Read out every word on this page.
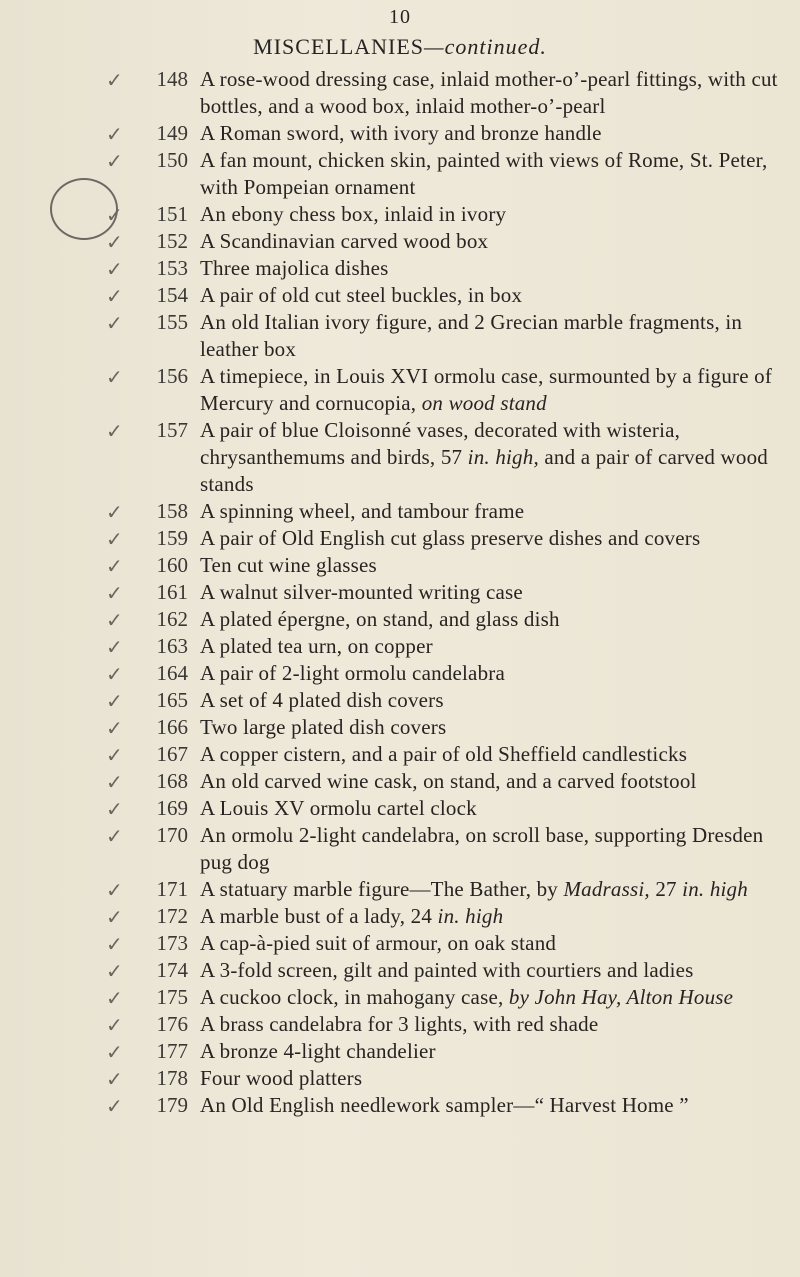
10
MISCELLANIES—continued.
✓	148 A rose-wood dressing case, inlaid mother-o’-pearl fittings, with cut bottles, and a wood box, inlaid mother-o’-pearl
✓	149 A Roman sword, with ivory and bronze handle
✓	150 A fan mount, chicken skin, painted with views of Rome, St. Peter, with Pompeian ornament
✓	151 An ebony chess box, inlaid in ivory
✓	152 A Scandinavian carved wood box
✓	153 Three majolica dishes
✓	154 A pair of old cut steel buckles, in box
✓	155 An old Italian ivory figure, and 2 Grecian marble fragments, in leather box
✓	156 A timepiece, in Louis XVI ormolu case, surmounted by a figure of Mercury and cornucopia, on wood stand
✓	157 A pair of blue Cloisonné vases, decorated with wisteria, chrysanthemums and birds, 57 in. high, and a pair of carved wood stands
✓	158 A spinning wheel, and tambour frame
✓	159 A pair of Old English cut glass preserve dishes and covers
✓	160 Ten cut wine glasses
✓	161 A walnut silver-mounted writing case
✓	162 A plated épergne, on stand, and glass dish
✓	163 A plated tea urn, on copper
✓	164 A pair of 2-light ormolu candelabra
✓	165 A set of 4 plated dish covers
✓	166 Two large plated dish covers
✓	167 A copper cistern, and a pair of old Sheffield candlesticks
✓	168 An old carved wine cask, on stand, and a carved footstool
✓	169 A Louis XV ormolu cartel clock
✓	170 An ormolu 2-light candelabra, on scroll base, supporting Dresden pug dog
✓	171 A statuary marble figure—The Bather, by Madrassi, 27 in. high
✓	172 A marble bust of a lady, 24 in. high
✓	173 A cap-à-pied suit of armour, on oak stand
✓	174 A 3-fold screen, gilt and painted with courtiers and ladies
✓	175 A cuckoo clock, in mahogany case, by John Hay, Alton House
✓	176 A brass candelabra for 3 lights, with red shade
✓	177 A bronze 4-light chandelier
✓	178 Four wood platters
✓	179 An Old English needlework sampler—“ Harvest Home ”
